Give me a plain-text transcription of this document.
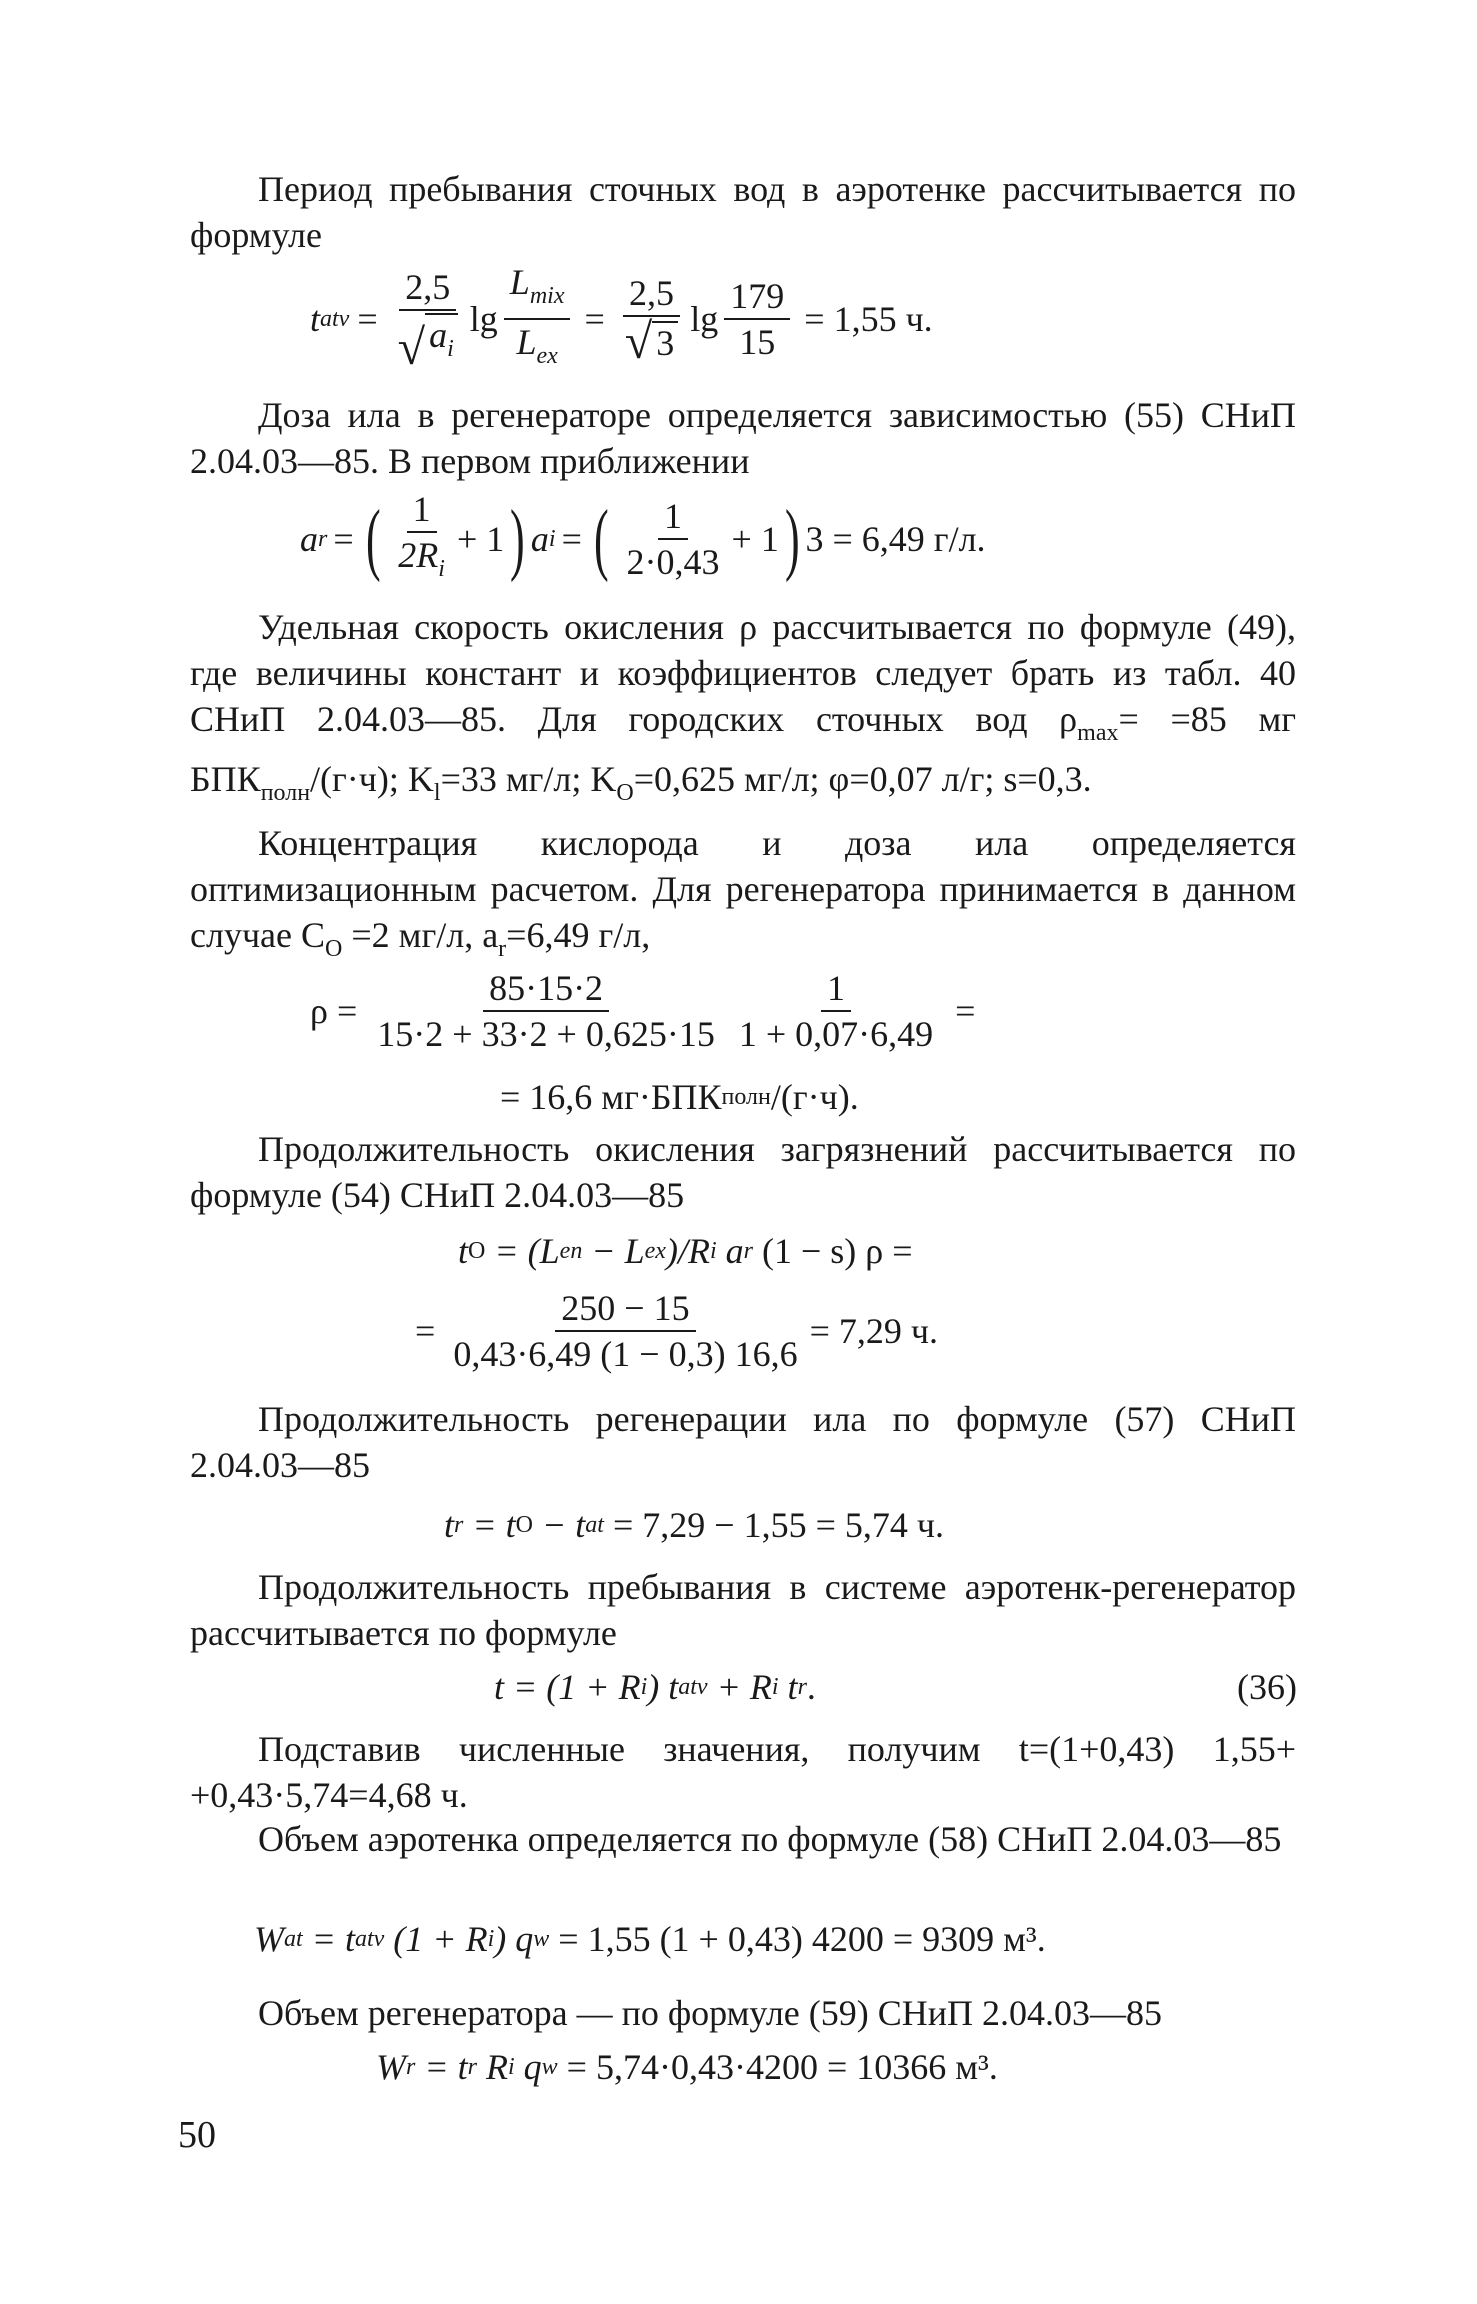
Период пребывания сточных вод в аэротенке рассчитывается по формуле
t atv = $\frac{2,5}{√ a_i}$ $\lg \frac{L_{mix}}{L_{ex}} = \frac{2,5}{√ 3}$ $\lg \frac{179}{15} = 1,55$ ч.
Доза ила в регенераторе определяется зависимостью (55) СНиП 2.04.03—85. В первом приближении
a r = ( $\frac{1}{2R_i} + 1$ ) a i = ( $\frac{1}{2\cdot 0,43} + 1$ ) 3 = 6,49 г/л.
Удельная скорость окисления ρ рассчитывается по формуле (49), где величины констант и коэффициентов следует брать из табл. 40 СНиП 2.04.03—85. Для городских сточных вод $\rho_{max}= =85$ мг $БПК_{полн}/(г\cdot ч)$; $K_l=33$ мг/л; $K_O=0,625$ мг/л; φ=0,07 л/г; s=0,3.
Концентрация кислорода и доза ила определяется оптимизационным расчетом. Для регенератора принимается в данном случае $C_O =2$ мг/л, $a_r=6,49$ г/л,
$\rho = \frac{85\cdot 15\cdot 2}{15\cdot 2 + 33\cdot 2 + 0,625\cdot 15} \frac{1}{1 + 0,07\cdot 6,49}$ =
= 16,6 мг·БПК полн /(г·ч).
Продолжительность окисления загрязнений рассчитывается по формуле (54) СНиП 2.04.03—85
t O = (L en − L ex )/R i a r (1 − s) ρ =
= $\frac{250 - 15}{0,43\cdot 6,49 (1 - 0,3) 16,6} = 7,29$ ч.
Продолжительность регенерации ила по формуле (57) СНиП 2.04.03—85
t r = t O − t at = 7,29 − 1,55 = 5,74 ч.
Продолжительность пребывания в системе аэротенк-регенератор рассчитывается по формуле
t = (1 + R i ) t atv + R i t r .	(36)
Подставив численные значения, получим t=(1+0,43) 1,55+ +0,43·5,74=4,68 ч.
Объем аэротенка определяется по формуле (58) СНиП 2.04.03—85
W at = t atv (1 + R i ) q w = 1,55 (1 + 0,43) 4200 = 9309 м³.
Объем регенератора — по формуле (59) СНиП 2.04.03—85
W r = t r R i q w = 5,74·0,43·4200 = 10366 м³.
50
